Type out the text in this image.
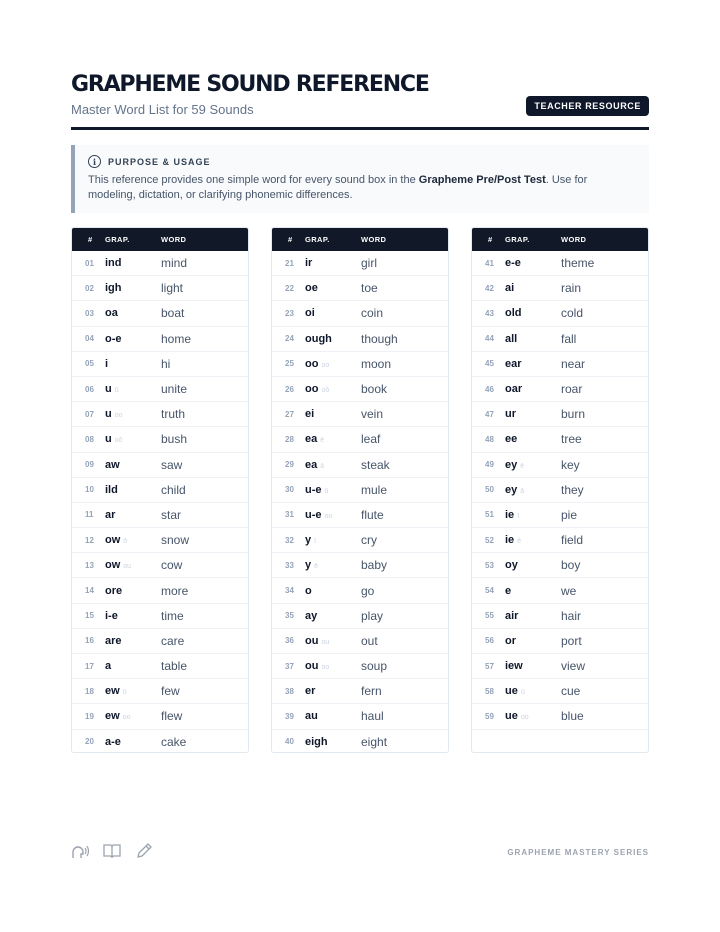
GRAPHEME SOUND REFERENCE
Master Word List for 59 Sounds	TEACHER RESOURCE
i	PURPOSE & USAGE
This reference provides one simple word for every sound box in the Grapheme Pre/Post Test. Use for modeling, dictation, or clarifying phonemic differences.
#	GRAP.	WORD
01	ind	mind
02	igh	light
03	oa	boat
04	o-e	home
05	i	hi
06	uū	unite
07	uoo	truth
08	uoǒ	bush
09	aw	saw
10	ild	child
11	ar	star
12	ow ō	snow
13	ow ou	cow
14	ore	more
15	i-e	time
16	are	care
17	a	table
18	ew ū	few
19	ew oo	flew
20	a-e	cake
#	GRAP.	WORD
21	ir	girl
22	oe	toe
23	oi	coin
24	ough	though
25	oo oo	moon
26	oo oǒ	book
27	ei	vein
28	ea ē	leaf
29	ea ā	steak
30	u-e ū	mule
31	u-e oo	flute
32	yī	cry
33	yē	baby
34	o	go
35	ay	play
36	ou ou	out
37	ou oo	soup
38	er	fern
39	au	haul
40	eigh	eight
#	GRAP.	WORD
41	e-e	theme
42	ai	rain
43	old	cold
44	all	fall
45	ear	near
46	oar	roar
47	ur	burn
48	ee	tree
49	ey ē	key
50	ey ā	they
51	ie ī	pie
52	ie ē	field
53	oy	boy
54	e	we
55	air	hair
56	or	port
57	iew	view
58	ue ū	cue
59	ue oo	blue
GRAPHEME MASTERY SERIES
